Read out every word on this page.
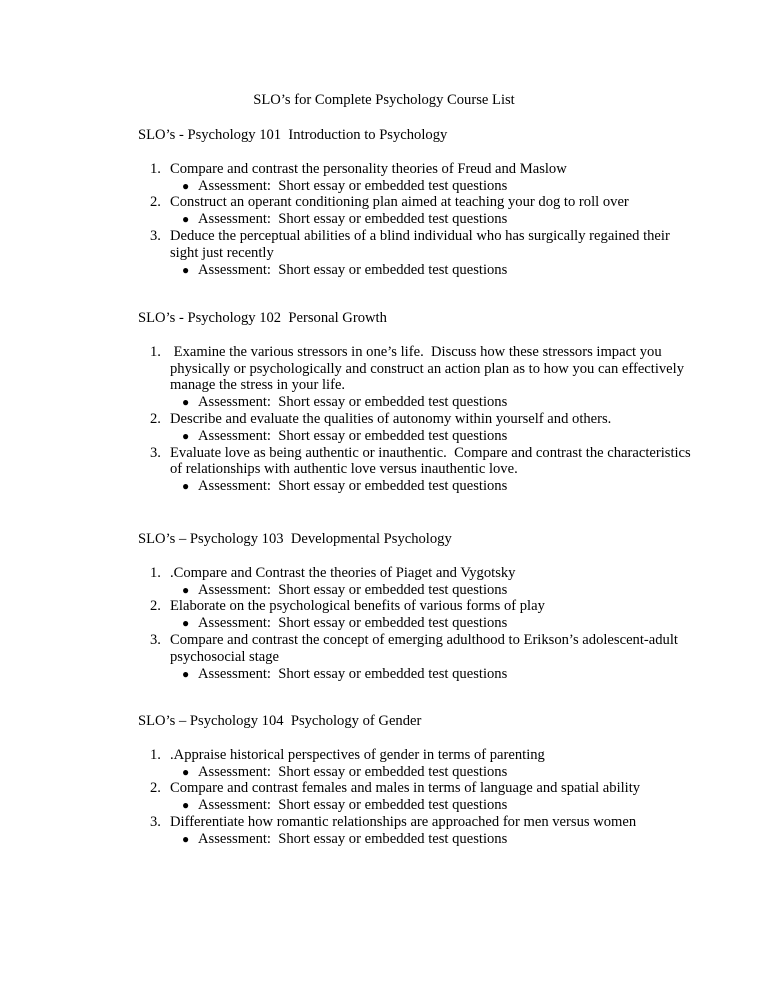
SLO’s for Complete Psychology Course List
SLO’s - Psychology 101  Introduction to Psychology
1. Compare and contrast the personality theories of Freud and Maslow
● Assessment:  Short essay or embedded test questions
2. Construct an operant conditioning plan aimed at teaching your dog to roll over
● Assessment:  Short essay or embedded test questions
3. Deduce the perceptual abilities of a blind individual who has surgically regained their sight just recently
● Assessment:  Short essay or embedded test questions
SLO’s - Psychology 102  Personal Growth
1. Examine the various stressors in one’s life.  Discuss how these stressors impact you physically or psychologically and construct an action plan as to how you can effectively manage the stress in your life.
● Assessment:  Short essay or embedded test questions
2. Describe and evaluate the qualities of autonomy within yourself and others.
● Assessment:  Short essay or embedded test questions
3. Evaluate love as being authentic or inauthentic.  Compare and contrast the characteristics of relationships with authentic love versus inauthentic love.
● Assessment:  Short essay or embedded test questions
SLO’s – Psychology 103  Developmental Psychology
1. .Compare and Contrast the theories of Piaget and Vygotsky
● Assessment:  Short essay or embedded test questions
2. Elaborate on the psychological benefits of various forms of play
● Assessment:  Short essay or embedded test questions
3. Compare and contrast the concept of emerging adulthood to Erikson’s adolescent-adult psychosocial stage
● Assessment:  Short essay or embedded test questions
SLO’s – Psychology 104  Psychology of Gender
1. .Appraise historical perspectives of gender in terms of parenting
● Assessment:  Short essay or embedded test questions
2. Compare and contrast females and males in terms of language and spatial ability
● Assessment:  Short essay or embedded test questions
3. Differentiate how romantic relationships are approached for men versus women
● Assessment:  Short essay or embedded test questions
